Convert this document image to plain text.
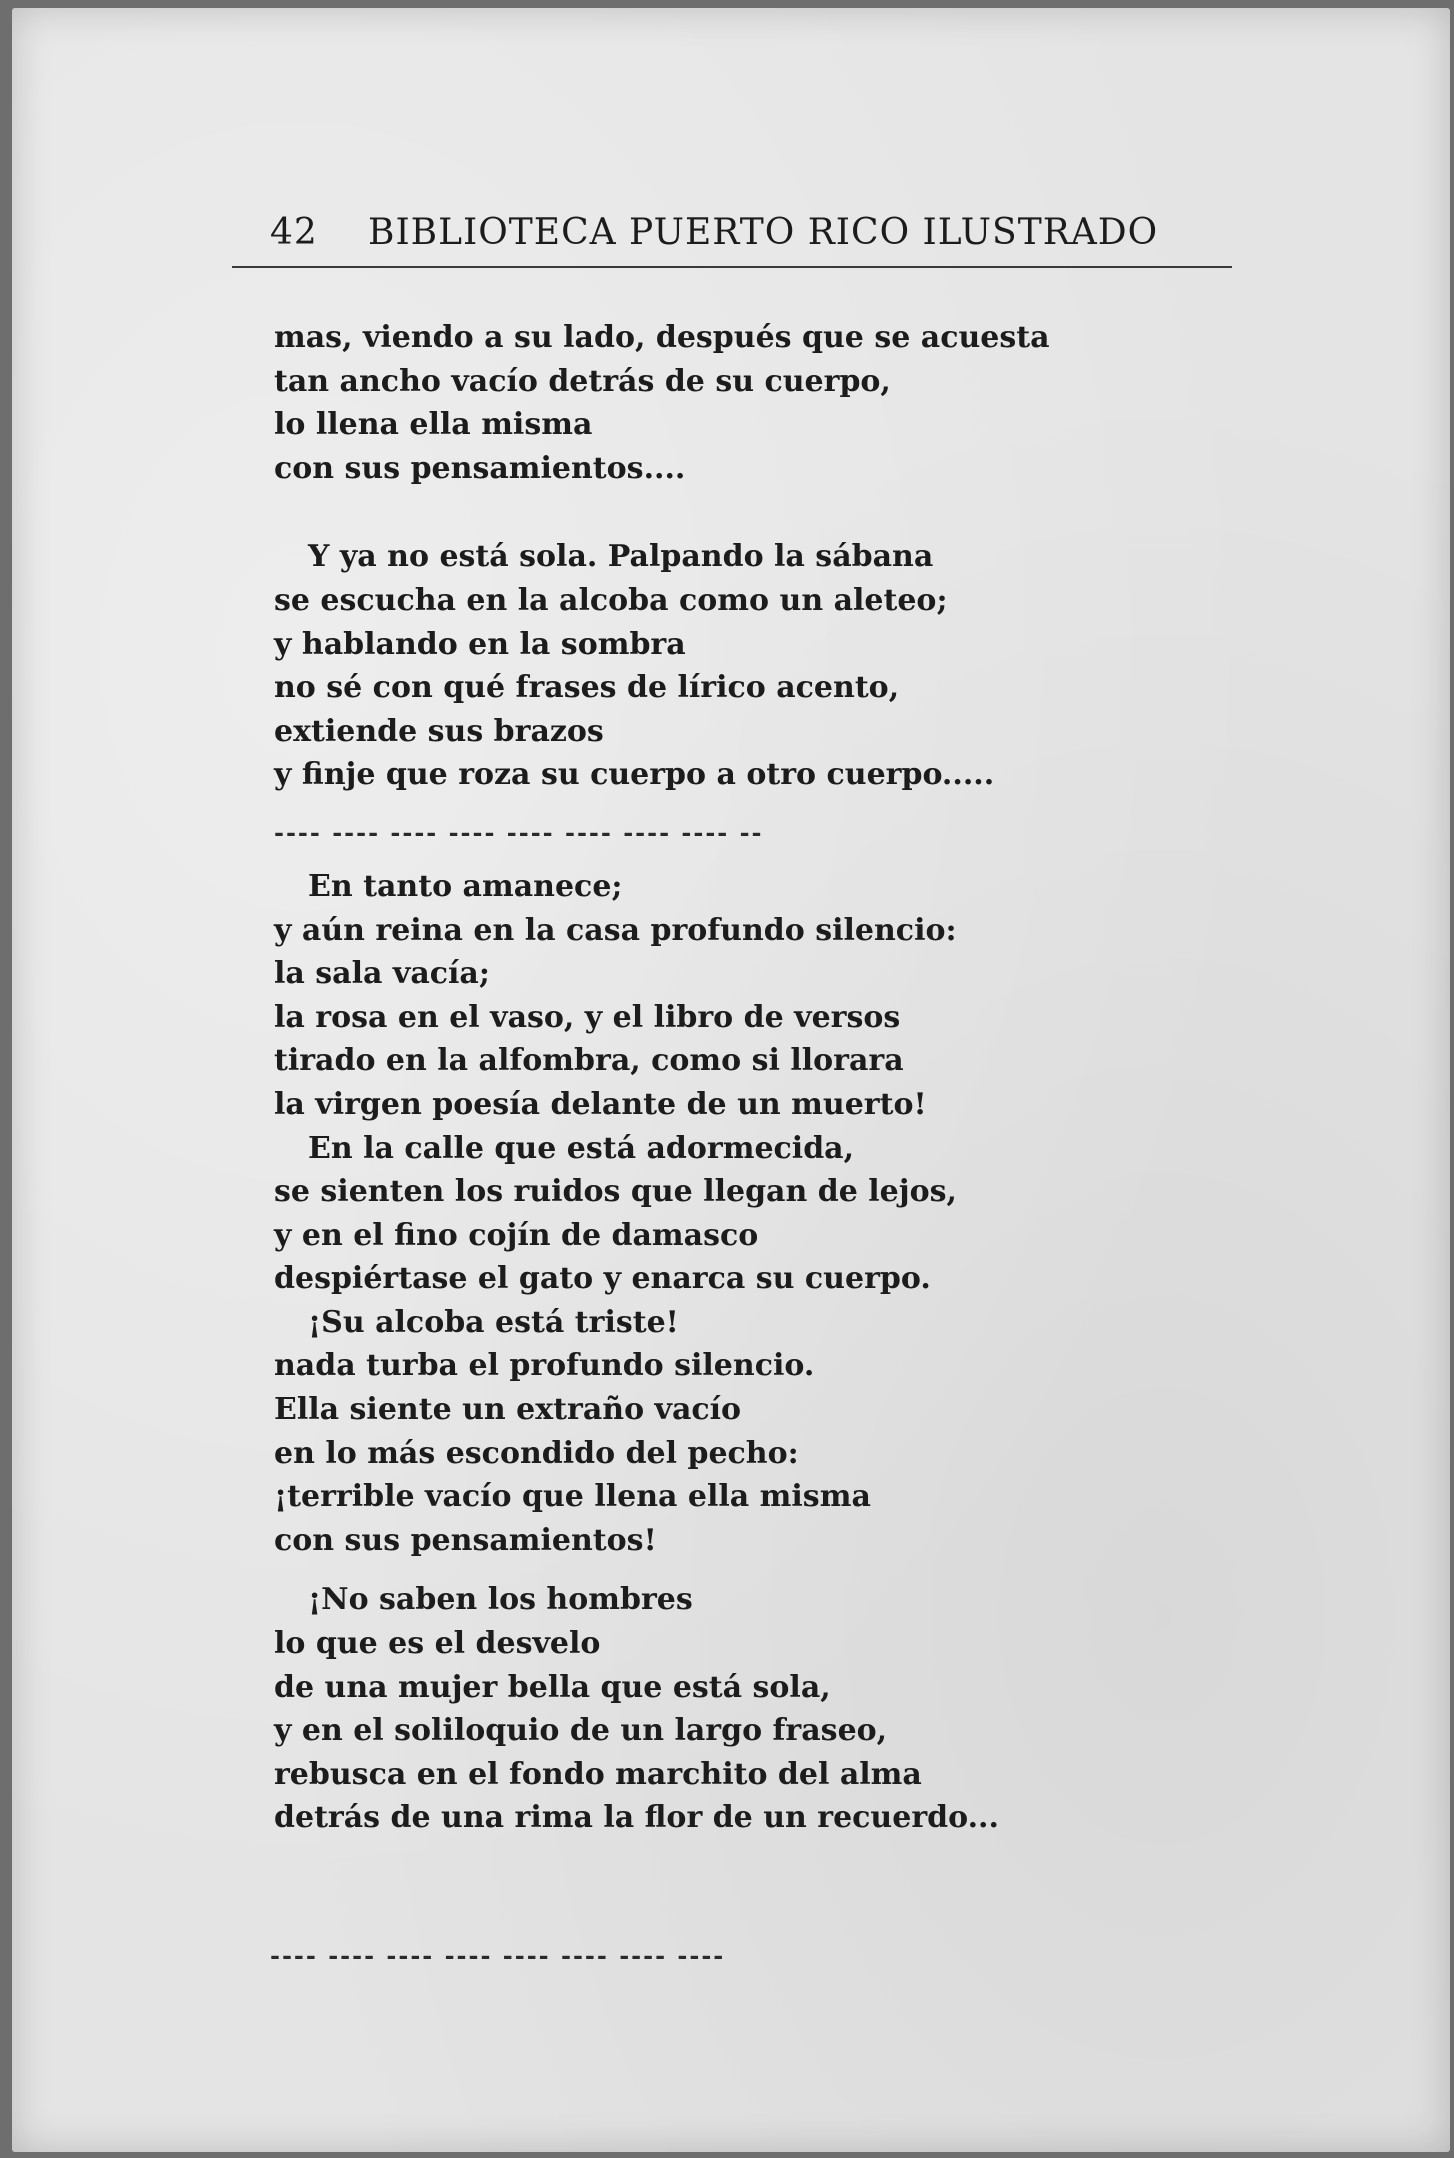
42 BIBLIOTECA PUERTO RICO ILUSTRADO
mas, viendo a su lado, después que se acuesta
tan ancho vacío detrás de su cuerpo,
lo llena ella misma
con sus pensamientos....
Y ya no está sola. Palpando la sábana
se escucha en la alcoba como un aleteo;
y hablando en la sombra
no sé con qué frases de lírico acento,
extiende sus brazos
y finje que roza su cuerpo a otro cuerpo.....
---- ---- ---- ---- ---- ---- ---- ---- --
En tanto amanece;
y aún reina en la casa profundo silencio:
la sala vacía;
la rosa en el vaso, y el libro de versos
tirado en la alfombra, como si llorara
la virgen poesía delante de un muerto!
En la calle que está adormecida,
se sienten los ruidos que llegan de lejos,
y en el fino cojín de damasco
despiértase el gato y enarca su cuerpo.
¡Su alcoba está triste!
nada turba el profundo silencio.
Ella siente un extraño vacío
en lo más escondido del pecho:
¡terrible vacío que llena ella misma
con sus pensamientos!
¡No saben los hombres
lo que es el desvelo
de una mujer bella que está sola,
y en el soliloquio de un largo fraseo,
rebusca en el fondo marchito del alma
detrás de una rima la flor de un recuerdo...
---- ---- ---- ---- ---- ---- ---- ----
